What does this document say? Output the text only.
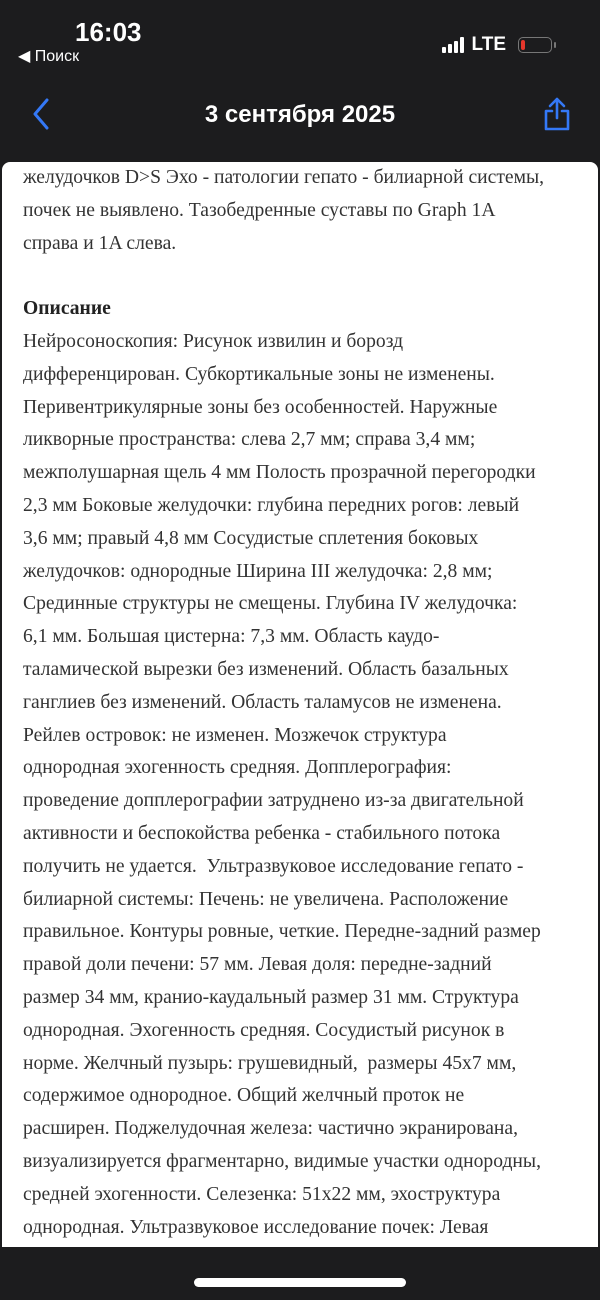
16:03
◀ Поиск
LTE
3 сентября 2025
желудочков D>S Эхо - патологии гепато - билиарной системы,
почек не выявлено. Тазобедренные суставы по Graph 1A
справа и 1A слева.
Описание
Нейросоноскопия: Рисунок извилин и борозд
дифференцирован. Субкортикальные зоны не изменены.
Перивентрикулярные зоны без особенностей. Наружные
ликворные пространства: слева 2,7 мм; справа 3,4 мм;
межполушарная щель 4 мм Полость прозрачной перегородки
2,3 мм Боковые желудочки: глубина передних рогов: левый
3,6 мм; правый 4,8 мм Сосудистые сплетения боковых
желудочков: однородные Ширина III желудочка: 2,8 мм;
Срединные структуры не смещены. Глубина IV желудочка:
6,1 мм. Большая цистерна: 7,3 мм. Область каудо-
таламической вырезки без изменений. Область базальных
ганглиев без изменений. Область таламусов не изменена.
Рейлев островок: не изменен. Мозжечок структура
однородная эхогенность средняя. Допплерография:
проведение допплерографии затруднено из-за двигательной
активности и беспокойства ребенка - стабильного потока
получить не удается.  Ультразвуковое исследование гепато -
билиарной системы: Печень: не увеличена. Расположение
правильное. Контуры ровные, четкие. Передне-задний размер
правой доли печени: 57 мм. Левая доля: передне-задний
размер 34 мм, кранио-каудальный размер 31 мм. Структура
однородная. Эхогенность средняя. Сосудистый рисунок в
норме. Желчный пузырь: грушевидный,  размеры 45x7 мм,
содержимое однородное. Общий желчный проток не
расширен. Поджелудочная железа: частично экранирована,
визуализируется фрагментарно, видимые участки однородны,
средней эхогенности. Селезенка: 51x22 мм, эхоструктура
однородная. Ультразвуковое исследование почек: Левая
